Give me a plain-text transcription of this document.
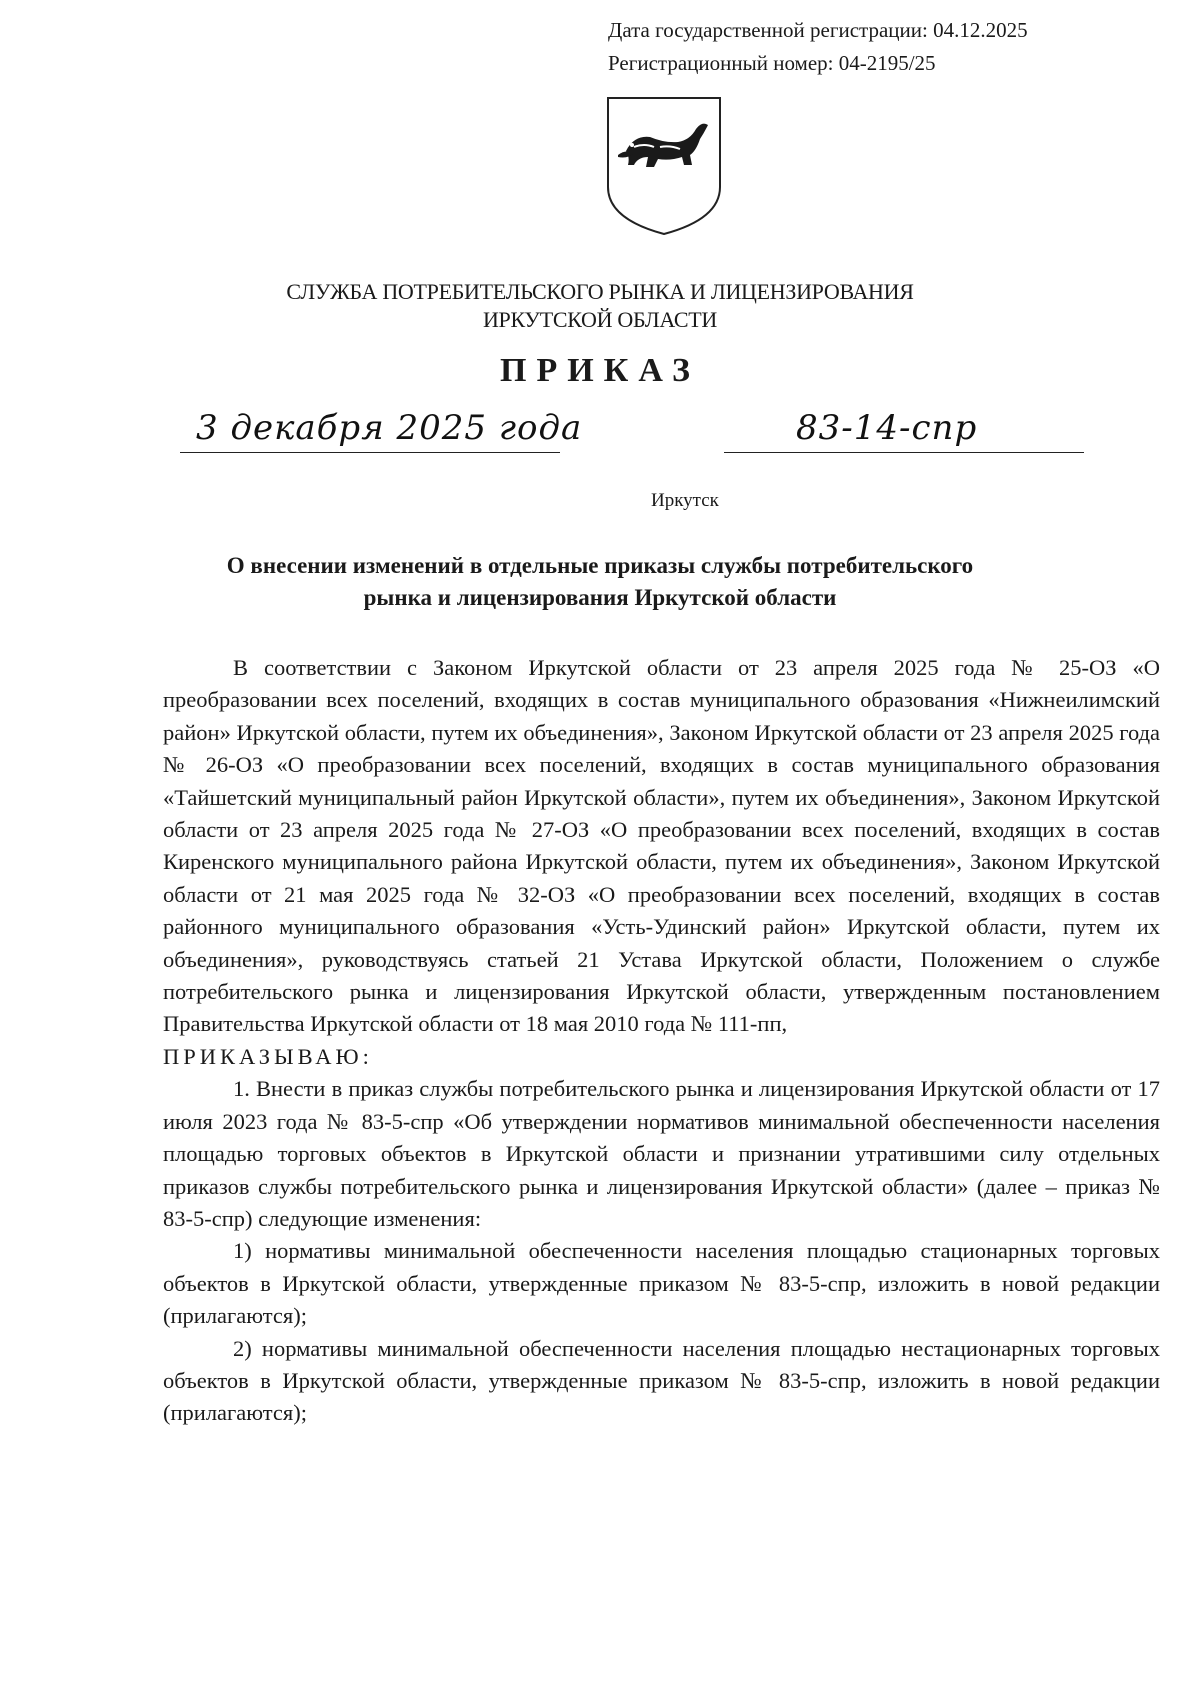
Дата государственной регистрации: 04.12.2025
Регистрационный номер: 04-2195/25
СЛУЖБА ПОТРЕБИТЕЛЬСКОГО РЫНКА И ЛИЦЕНЗИРОВАНИЯ
ИРКУТСКОЙ ОБЛАСТИ
ПРИКАЗ
3 декабря 2025 года	83-14-спр
Иркутск
О внесении изменений в отдельные приказы службы потребительского
рынка и лицензирования Иркутской области

В соответствии с Законом Иркутской области от 23 апреля 2025 года № 25-ОЗ «О преобразовании всех поселений, входящих в состав муниципального образования «Нижнеилимский район» Иркутской области, путем их объединения», Законом Иркутской области от 23 апреля 2025 года № 26-ОЗ «О преобразовании всех поселений, входящих в состав муниципального образования «Тайшетский муниципальный район Иркутской области», путем их объединения», Законом Иркутской области от 23 апреля 2025 года № 27-ОЗ «О преобразовании всех поселений, входящих в состав Киренского муниципального района Иркутской области, путем их объединения», Законом Иркутской области от 21 мая 2025 года № 32-ОЗ «О преобразовании всех поселений, входящих в состав районного муниципального образования «Усть-Удинский район» Иркутской области, путем их объединения», руководствуясь статьей 21 Устава Иркутской области, Положением о службе потребительского рынка и лицензирования Иркутской области, утвержденным постановлением Правительства Иркутской области от 18 мая 2010 года № 111-пп,

ПРИКАЗЫВАЮ:

1. Внести в приказ службы потребительского рынка и лицензирования Иркутской области от 17 июля 2023 года № 83-5-спр «Об утверждении нормативов минимальной обеспеченности населения площадью торговых объектов в Иркутской области и признании утратившими силу отдельных приказов службы потребительского рынка и лицензирования Иркутской области» (далее – приказ № 83-5-спр) следующие изменения:

1) нормативы минимальной обеспеченности населения площадью стационарных торговых объектов в Иркутской области, утвержденные приказом № 83-5-спр, изложить в новой редакции (прилагаются);

2) нормативы минимальной обеспеченности населения площадью нестационарных торговых объектов в Иркутской области, утвержденные приказом № 83-5-спр, изложить в новой редакции (прилагаются);
